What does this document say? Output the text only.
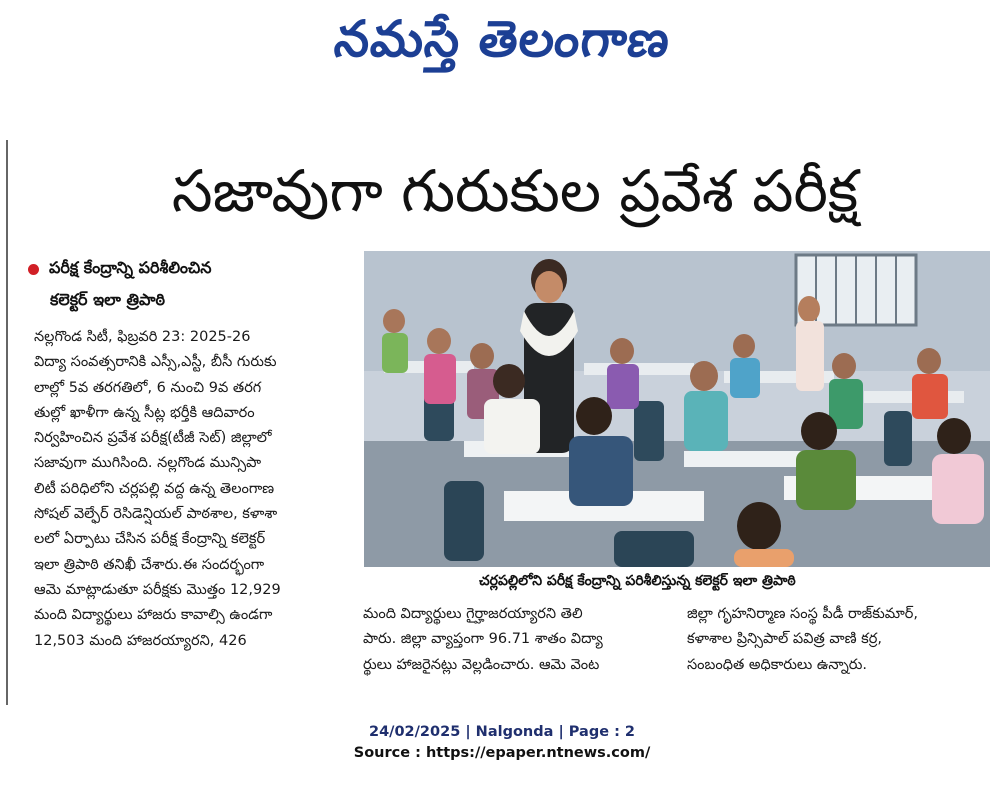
నమస్తే తెలంగాణ
సజావుగా గురుకుల ప్రవేశ పరీక్ష
పరీక్ష కేంద్రాన్ని పరిశీలించిన
కలెక్టర్ ఇలా త్రిపాఠి
నల్లగొండ సిటీ, ఫిబ్రవరి 23: 2025-26
విద్యా సంవత్సరానికి ఎస్సీ,ఎస్టీ, బీసీ గురుకు
లాల్లో 5వ తరగతిలో, 6 నుంచి 9వ తరగ
తుల్లో ఖాళీగా ఉన్న సీట్ల భర్తీకి ఆదివారం
నిర్వహించిన ప్రవేశ పరీక్ష(టీజీ సెట్) జిల్లాలో
సజావుగా ముగిసింది. నల్లగొండ మున్సిపా
లిటీ పరిధిలోని చర్లపల్లి వద్ద ఉన్న తెలంగాణ
సోషల్ వెల్ఫేర్ రెసిడెన్షియల్ పాఠశాల, కళాశా
లలో ఏర్పాటు చేసిన పరీక్ష కేంద్రాన్ని కలెక్టర్
ఇలా త్రిపాఠి తనిఖీ చేశారు.ఈ సందర్భంగా
ఆమె మాట్లాడుతూ పరీక్షకు మొత్తం 12,929
మంది విద్యార్థులు హాజరు కావాల్సి ఉండగా
12,503 మంది హాజరయ్యారని, 426
చర్లపల్లిలోని పరీక్ష కేంద్రాన్ని పరిశీలిస్తున్న కలెక్టర్ ఇలా త్రిపాఠి
మంది విద్యార్థులు గైర్హాజరయ్యారని తెలి
పారు. జిల్లా వ్యాప్తంగా 96.71 శాతం విద్యా
ర్థులు హాజరైనట్లు వెల్లడించారు. ఆమె వెంట
జిల్లా గృహనిర్మాణ సంస్థ పీడీ రాజ్‌కుమార్,
కళాశాల ప్రిన్సిపాల్ పవిత్ర వాణి కర్ర,
సంబంధిత అధికారులు ఉన్నారు.
24/02/2025 | Nalgonda | Page : 2
Source : https://epaper.ntnews.com/
